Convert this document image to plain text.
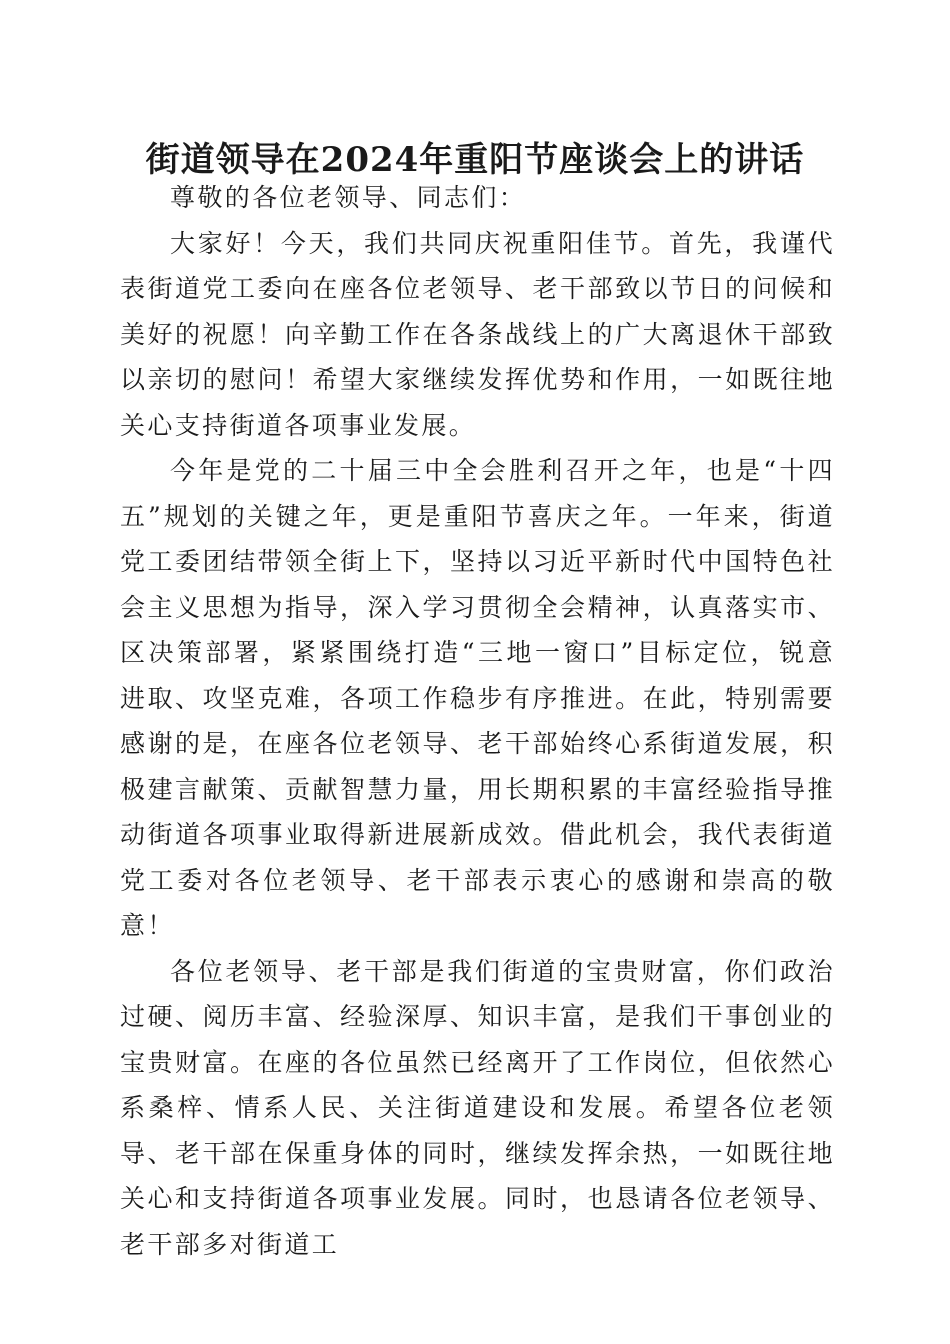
街道领导在2024年重阳节座谈会上的讲话

尊敬的各位老领导、同志们：

大家好！今天，我们共同庆祝重阳佳节。首先，我谨代表街道党工委向在座各位老领导、老干部致以节日的问候和美好的祝愿！向辛勤工作在各条战线上的广大离退休干部致以亲切的慰问！希望大家继续发挥优势和作用，一如既往地关心支持街道各项事业发展。

今年是党的二十届三中全会胜利召开之年，也是“十四五”规划的关键之年，更是重阳节喜庆之年。一年来，街道党工委团结带领全街上下，坚持以习近平新时代中国特色社会主义思想为指导，深入学习贯彻全会精神，认真落实市、区决策部署，紧紧围绕打造“三地一窗口”目标定位，锐意进取、攻坚克难，各项工作稳步有序推进。在此，特别需要感谢的是，在座各位老领导、老干部始终心系街道发展，积极建言献策、贡献智慧力量，用长期积累的丰富经验指导推动街道各项事业取得新进展新成效。借此机会，我代表街道党工委对各位老领导、老干部表示衷心的感谢和崇高的敬意！

各位老领导、老干部是我们街道的宝贵财富，你们政治过硬、阅历丰富、经验深厚、知识丰富，是我们干事创业的宝贵财富。在座的各位虽然已经离开了工作岗位，但依然心系桑梓、情系人民、关注街道建设和发展。希望各位老领导、老干部在保重身体的同时，继续发挥余热，一如既往地关心和支持街道各项事业发展。同时，也恳请各位老领导、老干部多对街道工
